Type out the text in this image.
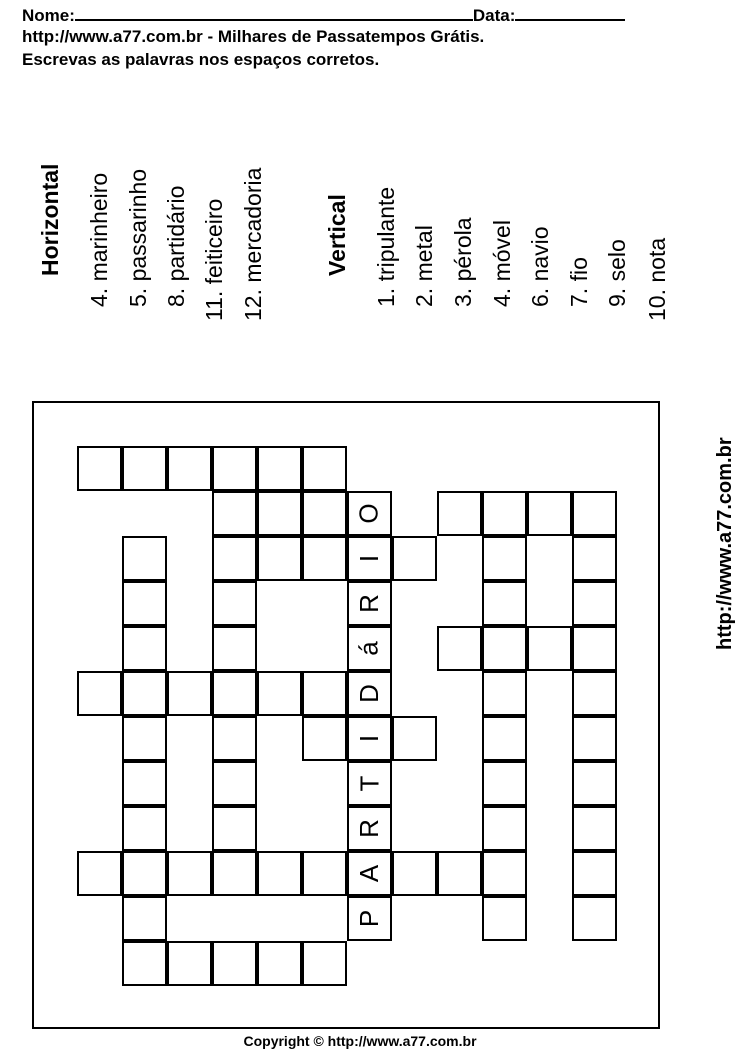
Nome:	Data:
http://www.a77.com.br - Milhares de Passatempos Grátis.
Escrevas as palavras nos espaços corretos.
Horizontal 4. marinheiro 5. passarinho 8. partidário 11. feiticeiro 12. mercadoria	Vertical 1. tripulante 2. metal 3. pérola 4. móvel 6. navio 7. fio 9. selo 10. nota
http://www.a77.com.br
P
A
R
T
I
D
á
R
I
O
Copyright © http://www.a77.com.br
